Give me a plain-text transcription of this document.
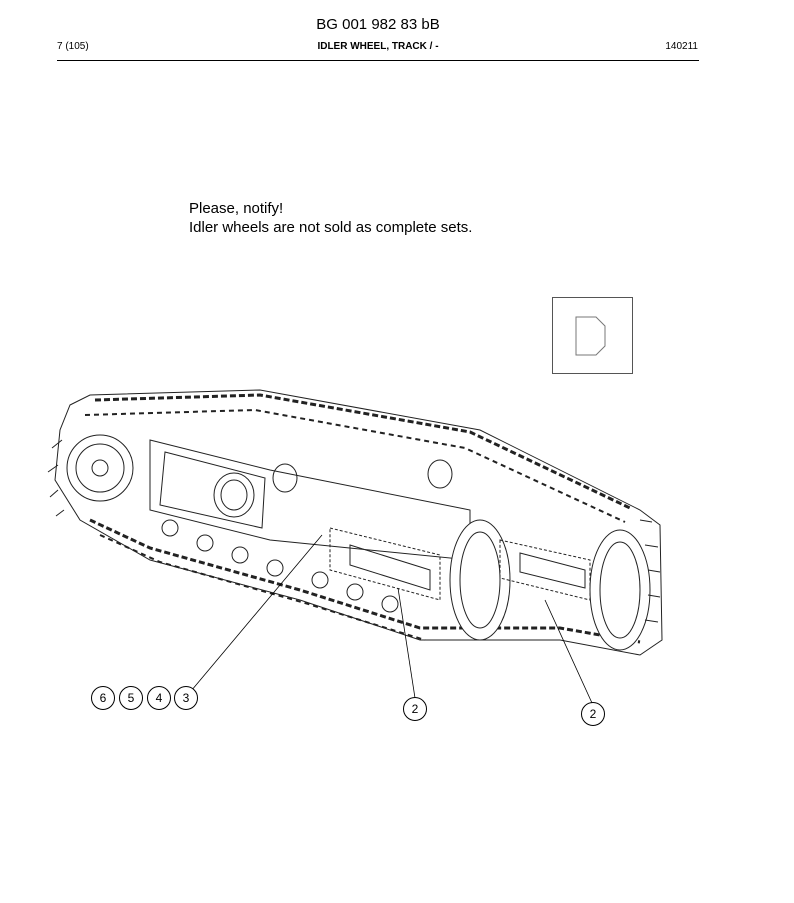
BG 001 982 83 bB
7 (105)	IDLER WHEEL, TRACK / -	140211
Please, notify!
Idler wheels are not sold as complete sets.
6	5	4	3
2	2
